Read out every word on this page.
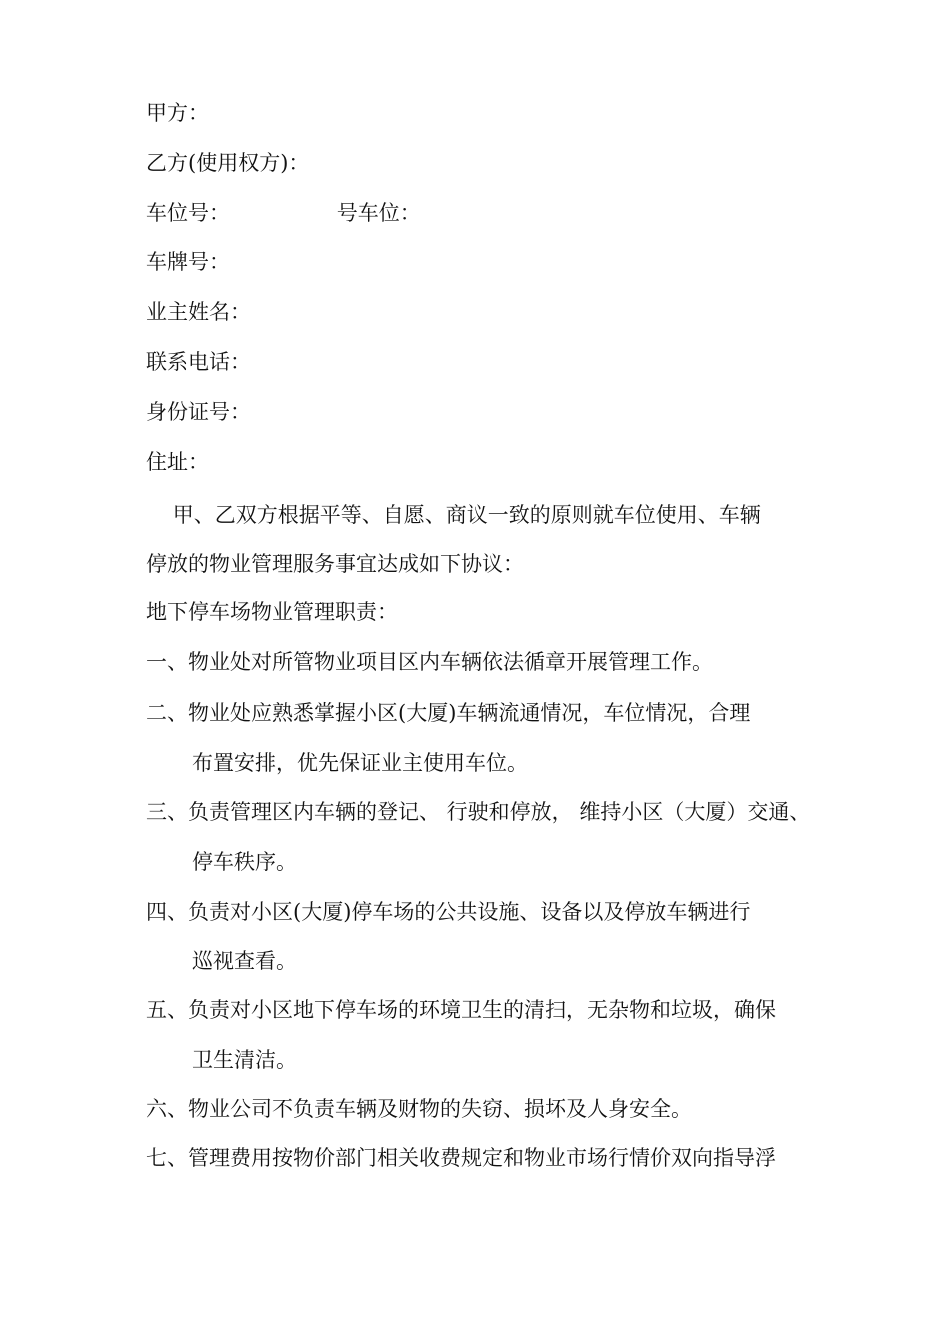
甲方：
乙方(使用权方)：
车位号：                号车位：
车牌号：
业主姓名：
联系电话：
身份证号：
住址：
甲、乙双方根据平等、自愿、商议一致的原则就车位使用、车辆
停放的物业管理服务事宜达成如下协议：
地下停车场物业管理职责：
一、物业处对所管物业项目区内车辆依法循章开展管理工作。
二、物业处应熟悉掌握小区(大厦)车辆流通情况，车位情况，合理
布置安排，优先保证业主使用车位。
三、负责管理区内车辆的登记、 行驶和停放， 维持小区（大厦）交通、
停车秩序。
四、负责对小区(大厦)停车场的公共设施、设备以及停放车辆进行
巡视查看。
五、负责对小区地下停车场的环境卫生的清扫，无杂物和垃圾，确保
卫生清洁。
六、物业公司不负责车辆及财物的失窃、损坏及人身安全。
七、管理费用按物价部门相关收费规定和物业市场行情价双向指导浮
